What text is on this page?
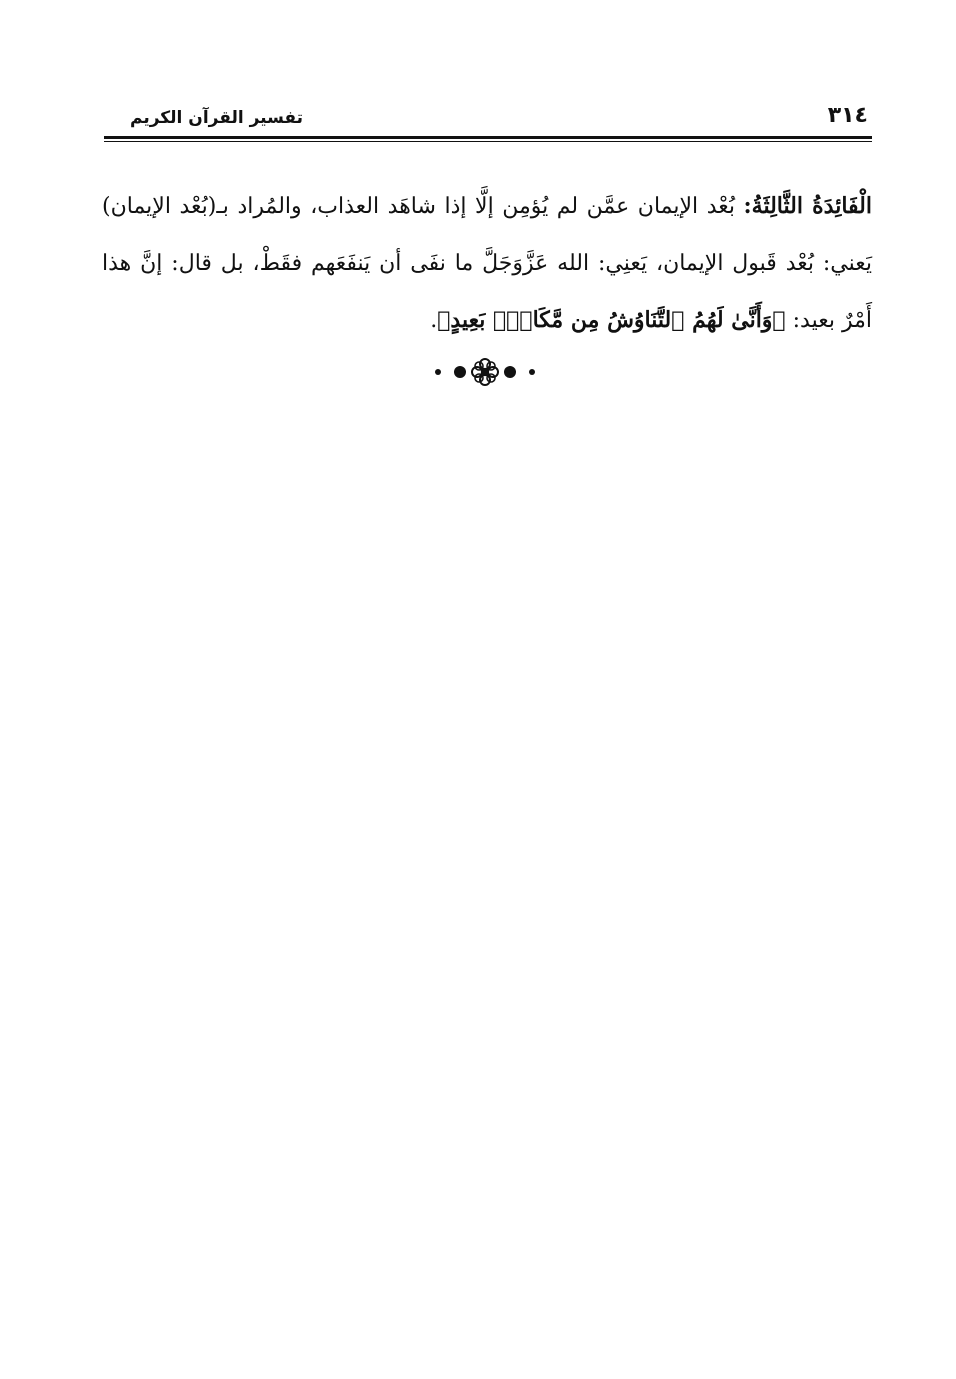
٣١٤
تفسير القرآن الكريم

الْفَائِدَةُ الثَّالِثَةُ: بُعْد الإيمان عمَّن لم يُؤمِن إلَّا إذا شاهَد العذاب، والمُراد بـ(بُعْد الإيمان) يَعني: بُعْد قَبول الإيمان، يَعنِي: الله عَزَّوَجَلَّ ما نفَى أن يَنفَعَهم فقَطْ، بل قال: إنَّ هذا أَمْرٌ بعيد: ﴿وَأَنَّىٰ لَهُمُ ٱلتَّنَاوُشُ مِن مَّكَانِۭ بَعِيدٍ﴾.
